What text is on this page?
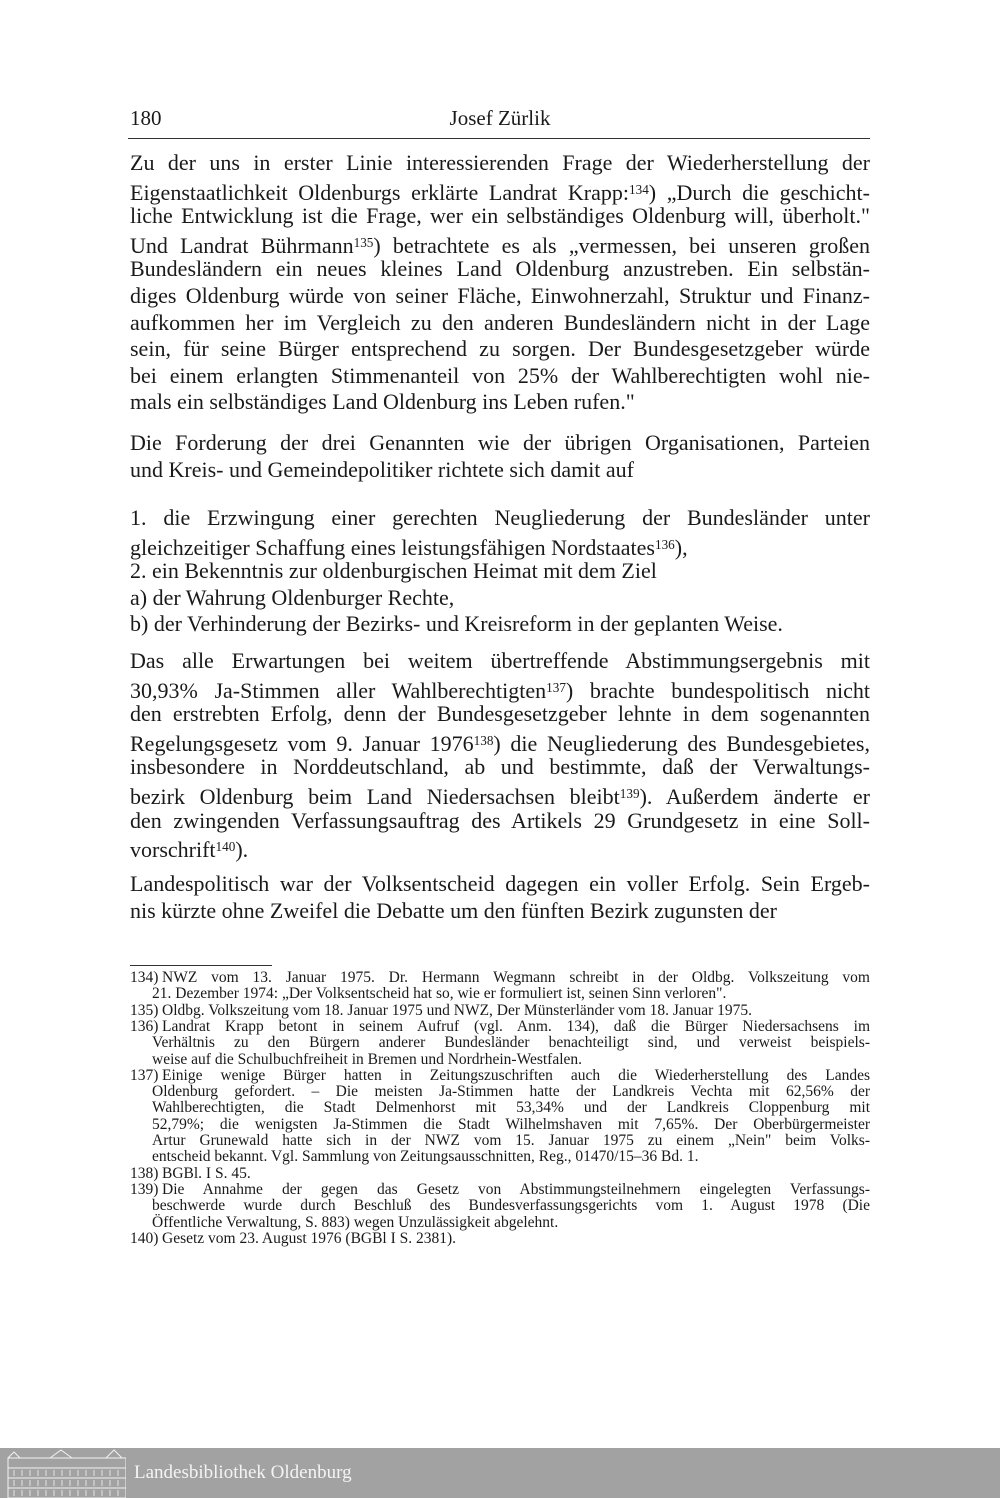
180	Josef Zürlik
Zu der uns in erster Linie interessierenden Frage der Wiederherstellung der
Eigenstaatlichkeit Oldenburgs erklärte Landrat Krapp:$^{134}$) „Durch die geschicht-
liche Entwicklung ist die Frage, wer ein selbständiges Oldenburg will, überholt."
Und Landrat Bührmann$^{135}$) betrachtete es als „vermessen, bei unseren großen
Bundesländern ein neues kleines Land Oldenburg anzustreben. Ein selbstän-
diges Oldenburg würde von seiner Fläche, Einwohnerzahl, Struktur und Finanz-
aufkommen her im Vergleich zu den anderen Bundesländern nicht in der Lage
sein, für seine Bürger entsprechend zu sorgen. Der Bundesgesetzgeber würde
bei einem erlangten Stimmenanteil von 25% der Wahlberechtigten wohl nie-
mals ein selbständiges Land Oldenburg ins Leben rufen."
Die Forderung der drei Genannten wie der übrigen Organisationen, Parteien
und Kreis- und Gemeindepolitiker richtete sich damit auf
1. die Erzwingung einer gerechten Neugliederung der Bundesländer unter
gleichzeitiger Schaffung eines leistungsfähigen Nordstaates$^{136}$),
2. ein Bekenntnis zur oldenburgischen Heimat mit dem Ziel
a) der Wahrung Oldenburger Rechte,
b) der Verhinderung der Bezirks- und Kreisreform in der geplanten Weise.
Das alle Erwartungen bei weitem übertreffende Abstimmungsergebnis mit
30,93% Ja-Stimmen aller Wahlberechtigten$^{137}$) brachte bundespolitisch nicht
den erstrebten Erfolg, denn der Bundesgesetzgeber lehnte in dem sogenannten
Regelungsgesetz vom 9. Januar 1976$^{138}$) die Neugliederung des Bundesgebietes,
insbesondere in Norddeutschland, ab und bestimmte, daß der Verwaltungs-
bezirk Oldenburg beim Land Niedersachsen bleibt$^{139}$). Außerdem änderte er
den zwingenden Verfassungsauftrag des Artikels 29 Grundgesetz in eine Soll-
vorschrift$^{140}$).
Landespolitisch war der Volksentscheid dagegen ein voller Erfolg. Sein Ergeb-
nis kürzte ohne Zweifel die Debatte um den fünften Bezirk zugunsten der
134) NWZ vom 13. Januar 1975. Dr. Hermann Wegmann schreibt in der Oldbg. Volkszeitung vom
21. Dezember 1974: „Der Volksentscheid hat so, wie er formuliert ist, seinen Sinn verloren".
135) Oldbg. Volkszeitung vom 18. Januar 1975 und NWZ, Der Münsterländer vom 18. Januar 1975.
136) Landrat Krapp betont in seinem Aufruf (vgl. Anm. 134), daß die Bürger Niedersachsens im
Verhältnis zu den Bürgern anderer Bundesländer benachteiligt sind, und verweist beispiels-
weise auf die Schulbuchfreiheit in Bremen und Nordrhein-Westfalen.
137) Einige wenige Bürger hatten in Zeitungszuschriften auch die Wiederherstellung des Landes
Oldenburg gefordert. – Die meisten Ja-Stimmen hatte der Landkreis Vechta mit 62,56% der
Wahlberechtigten, die Stadt Delmenhorst mit 53,34% und der Landkreis Cloppenburg mit
52,79%; die wenigsten Ja-Stimmen die Stadt Wilhelmshaven mit 7,65%. Der Oberbürgermeister
Artur Grunewald hatte sich in der NWZ vom 15. Januar 1975 zu einem „Nein" beim Volks-
entscheid bekannt. Vgl. Sammlung von Zeitungsausschnitten, Reg., 01470/15–36 Bd. 1.
138) BGBl. I S. 45.
139) Die Annahme der gegen das Gesetz von Abstimmungsteilnehmern eingelegten Verfassungs-
beschwerde wurde durch Beschluß des Bundesverfassungsgerichts vom 1. August 1978 (Die
Öffentliche Verwaltung, S. 883) wegen Unzulässigkeit abgelehnt.
140) Gesetz vom 23. August 1976 (BGBl I S. 2381).
Landesbibliothek Oldenburg
